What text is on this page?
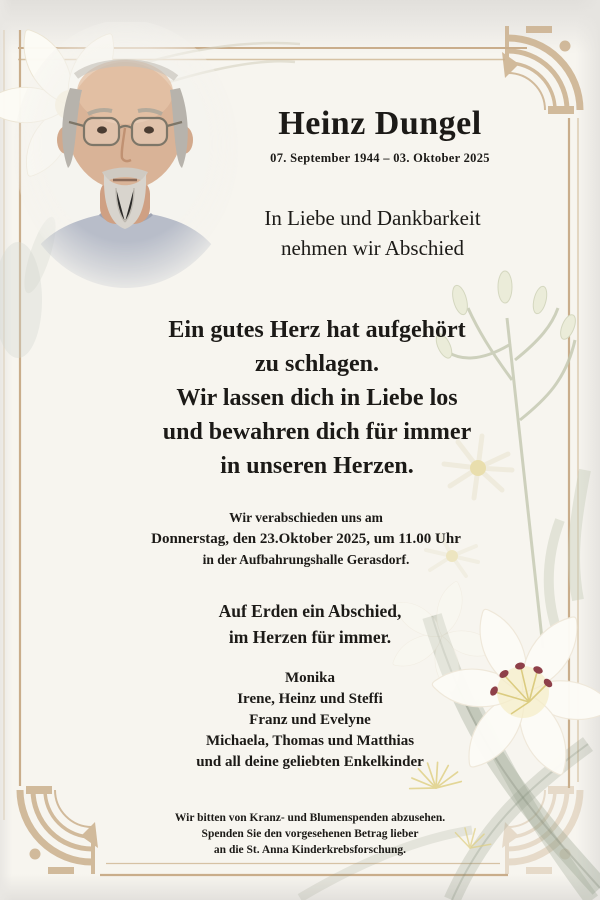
Heinz Dungel
07. September 1944 – 03. Oktober 2025
In Liebe und Dankbarkeit
nehmen wir Abschied
Ein gutes Herz hat aufgehört
zu schlagen.
Wir lassen dich in Liebe los
und bewahren dich für immer
in unseren Herzen.
Wir verabschieden uns am
Donnerstag, den 23.Oktober 2025, um 11.00 Uhr
in der Aufbahrungshalle Gerasdorf.
Auf Erden ein Abschied,
im Herzen für immer.
Monika
Irene, Heinz und Steffi
Franz und Evelyne
Michaela, Thomas und Matthias
und all deine geliebten Enkelkinder
Wir bitten von Kranz- und Blumenspenden abzusehen.
Spenden Sie den vorgesehenen Betrag lieber
an die St. Anna Kinderkrebsforschung.
